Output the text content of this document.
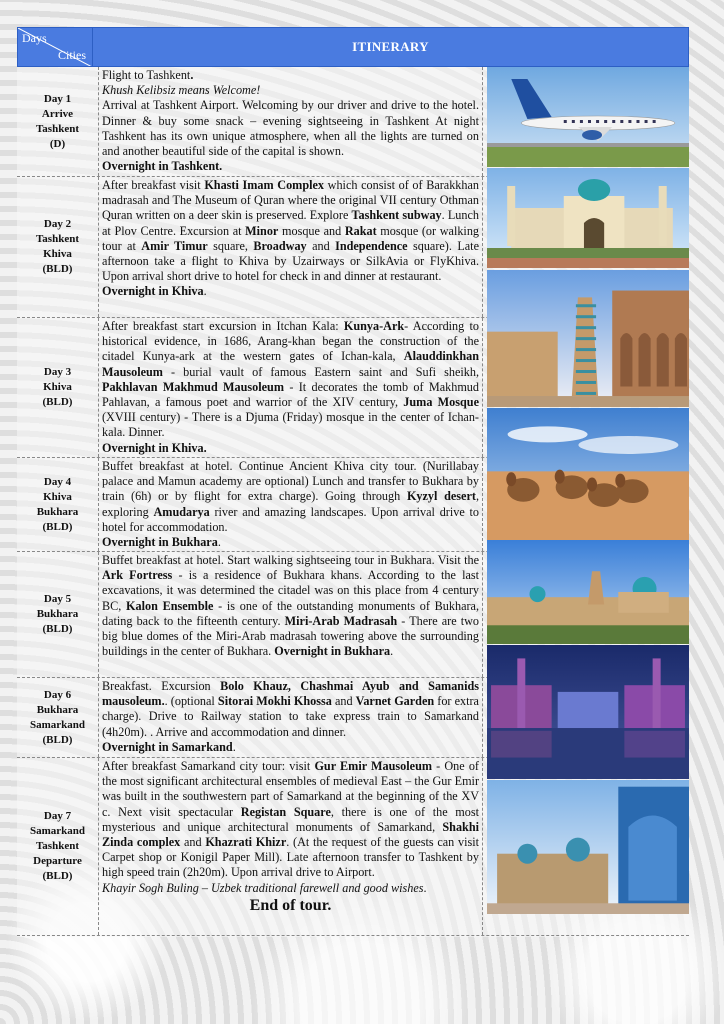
Days
Cities
ITINERARY
Day 1
Arrive
Tashkent
(D)
Flight to Tashkent.
Khush Kelibsiz means Welcome!
Arrival at Tashkent Airport. Welcoming by our driver and drive to the hotel. Dinner & buy some snack – evening sightseeing in Tashkent At night Tashkent has its own unique atmosphere, when all the lights are turned on and another beautiful side of the capital is shown.
Overnight in Tashkent.
Day 2
Tashkent
Khiva
(BLD)
After breakfast visit Khasti Imam Complex which consist of of Barakkhan madrasah and The Museum of Quran where the original VII century Othman Quran written on a deer skin is preserved. Explore Tashkent subway. Lunch at Plov Centre. Excursion at Minor mosque and Rakat mosque (or walking tour at Amir Timur square, Broadway and Independence square). Late afternoon take a flight to Khiva by Uzairways or SilkAvia or FlyKhiva. Upon arrival short drive to hotel for check in and dinner at restaurant.
Overnight in Khiva.
Day 3
Khiva
(BLD)
After breakfast start excursion in Itchan Kala: Kunya-Ark- According to historical evidence, in 1686, Arang-khan began the construction of the citadel Kunya-ark at the western gates of Ichan-kala, Alauddinkhan Mausoleum - burial vault of famous Eastern saint and Sufi sheikh, Pakhlavan Makhmud Mausoleum - It decorates the tomb of Makhmud Pahlavan, a famous poet and warrior of the XIV century, Juma Mosque (XVIII century) - There is a Djuma (Friday) mosque in the center of Ichan-kala. Dinner.
Overnight in Khiva.
Day 4
Khiva
Bukhara
(BLD)
Buffet breakfast at hotel. Continue Ancient Khiva city tour. (Nurillabay palace and Mamun academy are optional) Lunch and transfer to Bukhara by train (6h) or by flight for extra charge). Going through Kyzyl desert, exploring Amudarya river and amazing landscapes. Upon arrival drive to hotel for accommodation.
Overnight in Bukhara.
Day 5
Bukhara
(BLD)
Buffet breakfast at hotel. Start walking sightseeing tour in Bukhara. Visit the Ark Fortress - is a residence of Bukhara khans. According to the last excavations, it was determined the citadel was on this place from 4 century BC, Kalon Ensemble - is one of the outstanding monuments of Bukhara, dating back to the fifteenth century. Miri-Arab Madrasah - There are two big blue domes of the Miri-Arab madrasah towering above the surrounding buildings in the center of Bukhara. Overnight in Bukhara.
Day 6
Bukhara
Samarkand
(BLD)
Breakfast. Excursion Bolo Khauz, Chashmai Ayub and Samanids mausoleum.. (optional Sitorai Mokhi Khossa and Varnet Garden for extra charge). Drive to Railway station to take express train to Samarkand (4h20m). . Arrive and accommodation and dinner.
Overnight in Samarkand.
Day 7
Samarkand
Tashkent
Departure
(BLD)
After breakfast Samarkand city tour: visit Gur Emir Mausoleum - One of the most significant architectural ensembles of medieval East – the Gur Emir was built in the southwestern part of Samarkand at the beginning of the XV c. Next visit spectacular Registan Square, there is one of the most mysterious and unique architectural monuments of Samarkand, Shakhi Zinda complex and Khazrati Khizr. (At the request of the guests can visit Carpet shop or Konigil Paper Mill). Late afternoon transfer to Tashkent by high speed train (2h20m). Upon arrival drive to Airport.
Khayir Sogh Buling – Uzbek traditional farewell and good wishes.
End of tour.
